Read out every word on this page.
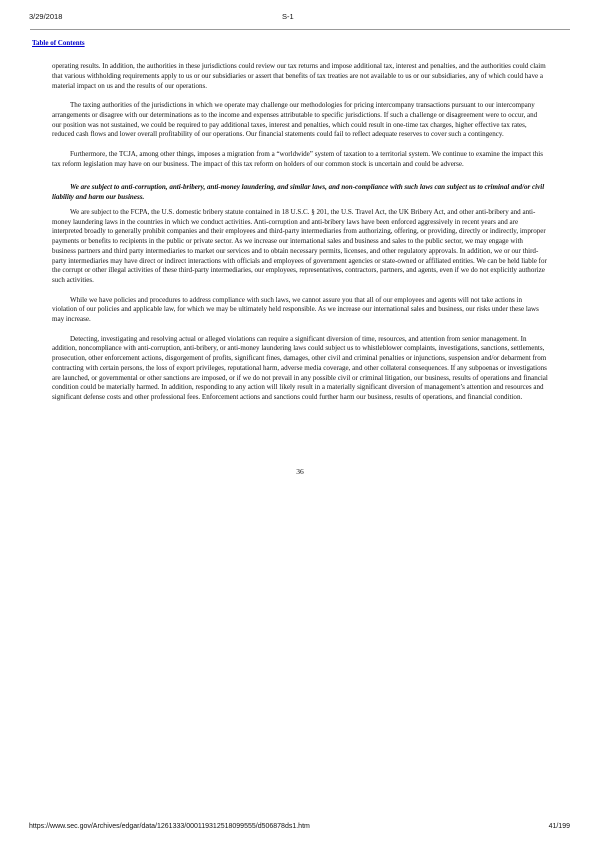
3/29/2018	S-1
Table of Contents

operating results. In addition, the authorities in these jurisdictions could review our tax returns and impose additional tax, interest and penalties, and the authorities could claim that various withholding requirements apply to us or our subsidiaries or assert that benefits of tax treaties are not available to us or our subsidiaries, any of which could have a material impact on us and the results of our operations.

The taxing authorities of the jurisdictions in which we operate may challenge our methodologies for pricing intercompany transactions pursuant to our intercompany arrangements or disagree with our determinations as to the income and expenses attributable to specific jurisdictions. If such a challenge or disagreement were to occur, and our position was not sustained, we could be required to pay additional taxes, interest and penalties, which could result in one-time tax charges, higher effective tax rates, reduced cash flows and lower overall profitability of our operations. Our financial statements could fail to reflect adequate reserves to cover such a contingency.

Furthermore, the TCJA, among other things, imposes a migration from a “worldwide” system of taxation to a territorial system. We continue to examine the impact this tax reform legislation may have on our business. The impact of this tax reform on holders of our common stock is uncertain and could be adverse.

We are subject to anti-corruption, anti-bribery, anti-money laundering, and similar laws, and non-compliance with such laws can subject us to criminal and/or civil liability and harm our business.

We are subject to the FCPA, the U.S. domestic bribery statute contained in 18 U.S.C. § 201, the U.S. Travel Act, the UK Bribery Act, and other anti-bribery and anti-money laundering laws in the countries in which we conduct activities. Anti-corruption and anti-bribery laws have been enforced aggressively in recent years and are interpreted broadly to generally prohibit companies and their employees and third-party intermediaries from authorizing, offering, or providing, directly or indirectly, improper payments or benefits to recipients in the public or private sector. As we increase our international sales and business and sales to the public sector, we may engage with business partners and third party intermediaries to market our services and to obtain necessary permits, licenses, and other regulatory approvals. In addition, we or our third-party intermediaries may have direct or indirect interactions with officials and employees of government agencies or state-owned or affiliated entities. We can be held liable for the corrupt or other illegal activities of these third-party intermediaries, our employees, representatives, contractors, partners, and agents, even if we do not explicitly authorize such activities.

While we have policies and procedures to address compliance with such laws, we cannot assure you that all of our employees and agents will not take actions in violation of our policies and applicable law, for which we may be ultimately held responsible. As we increase our international sales and business, our risks under these laws may increase.

Detecting, investigating and resolving actual or alleged violations can require a significant diversion of time, resources, and attention from senior management. In addition, noncompliance with anti-corruption, anti-bribery, or anti-money laundering laws could subject us to whistleblower complaints, investigations, sanctions, settlements, prosecution, other enforcement actions, disgorgement of profits, significant fines, damages, other civil and criminal penalties or injunctions, suspension and/or debarment from contracting with certain persons, the loss of export privileges, reputational harm, adverse media coverage, and other collateral consequences. If any subpoenas or investigations are launched, or governmental or other sanctions are imposed, or if we do not prevail in any possible civil or criminal litigation, our business, results of operations and financial condition could be materially harmed. In addition, responding to any action will likely result in a materially significant diversion of management’s attention and resources and significant defense costs and other professional fees. Enforcement actions and sanctions could further harm our business, results of operations, and financial condition.

36
https://www.sec.gov/Archives/edgar/data/1261333/000119312518099555/d506878ds1.htm	41/199
